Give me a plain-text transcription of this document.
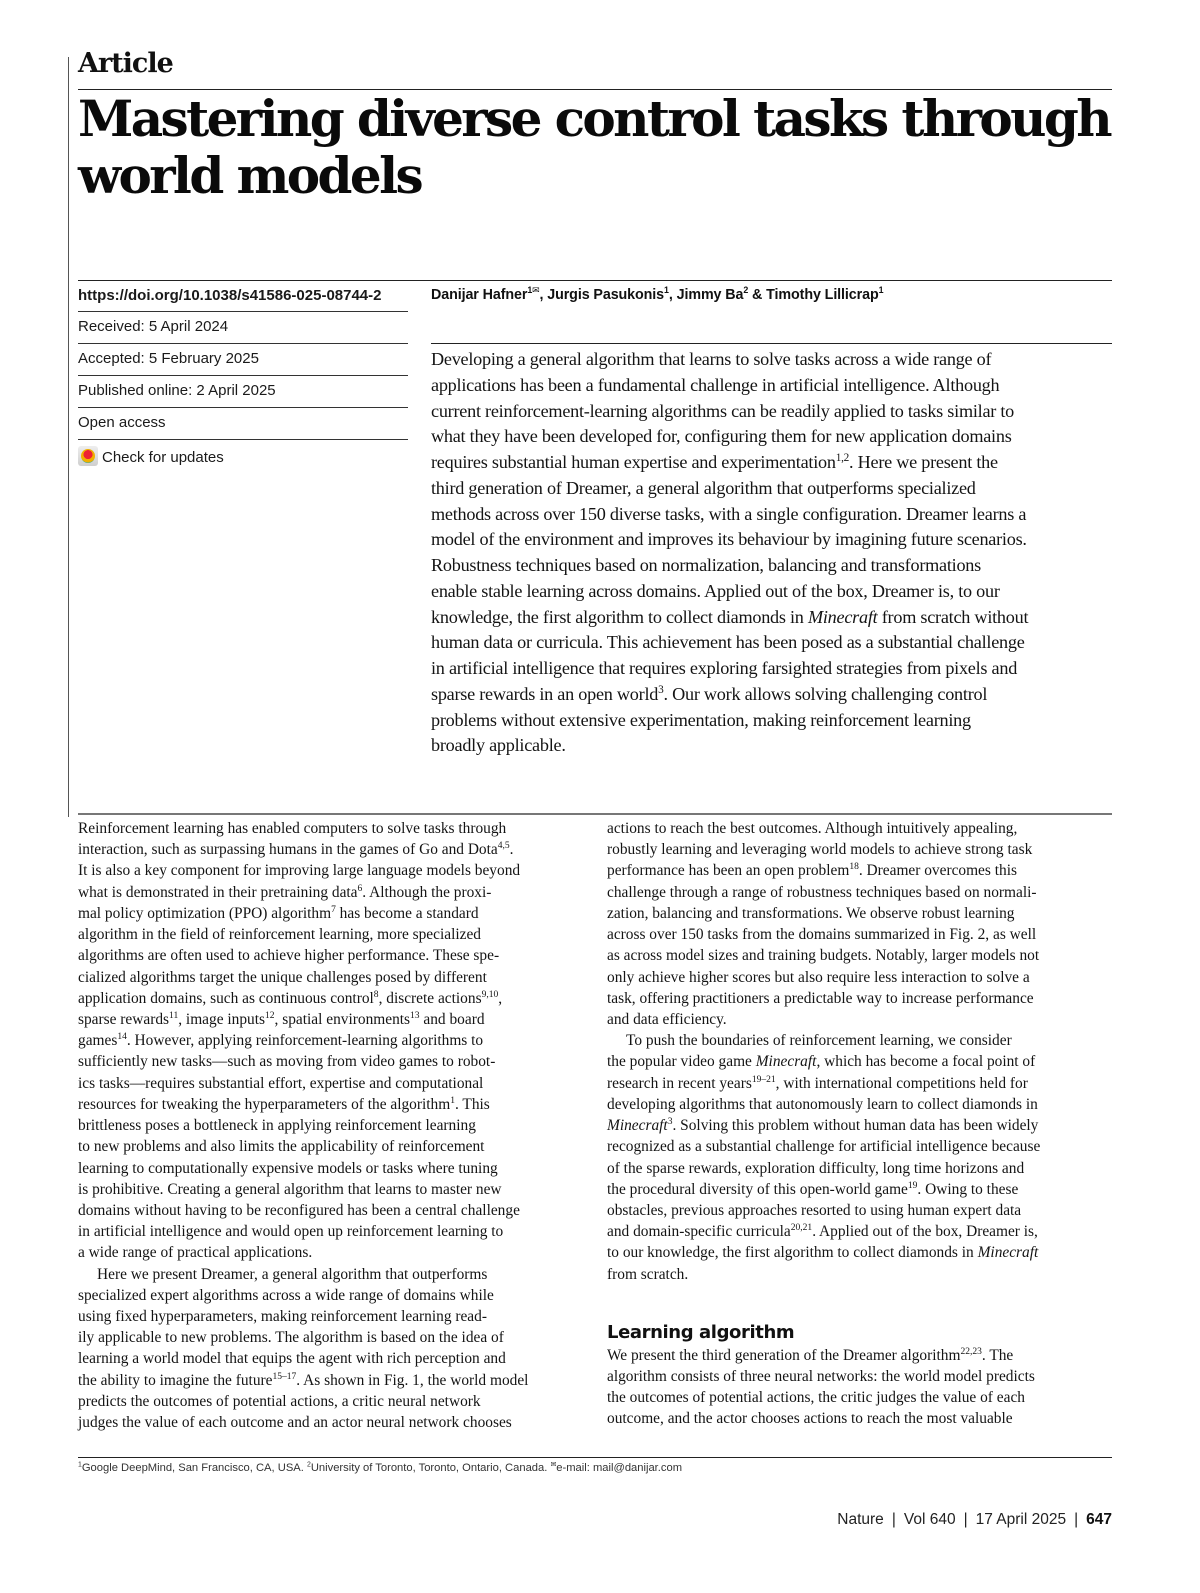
Article
Mastering diverse control tasks through
world models
https://doi.org/10.1038/s41586-025-08744-2
Received: 5 April 2024
Accepted: 5 February 2025
Published online: 2 April 2025
Open access
Check for updates
Danijar Hafner$^{1✉}$, Jurgis Pasukonis$^1$, Jimmy Ba$^2$ & Timothy Lillicrap$^1$

Developing a general algorithm that learns to solve tasks across a wide range of

applications has been a fundamental challenge in artificial intelligence. Although

current reinforcement-learning algorithms can be readily applied to tasks similar to

what they have been developed for, configuring them for new application domains

requires substantial human expertise and experimentation$^{1,2}$. Here we present the

third generation of Dreamer, a general algorithm that outperforms specialized

methods across over 150 diverse tasks, with a single configuration. Dreamer learns a

model of the environment and improves its behaviour by imagining future scenarios.

Robustness techniques based on normalization, balancing and transformations

enable stable learning across domains. Applied out of the box, Dreamer is, to our

knowledge, the first algorithm to collect diamonds in Minecraft from scratch without

human data or curricula. This achievement has been posed as a substantial challenge

in artificial intelligence that requires exploring farsighted strategies from pixels and

sparse rewards in an open world$^3$. Our work allows solving challenging control

problems without extensive experimentation, making reinforcement learning

broadly applicable.

Reinforcement learning has enabled computers to solve tasks through

interaction, such as surpassing humans in the games of Go and Dota$^{4,5}$.

It is also a key component for improving large language models beyond

what is demonstrated in their pretraining data$^6$. Although the proxi-

mal policy optimization (PPO) algorithm$^7$ has become a standard

algorithm in the field of reinforcement learning, more specialized

algorithms are often used to achieve higher performance. These spe-

cialized algorithms target the unique challenges posed by different

application domains, such as continuous control$^8$, discrete actions$^{9,10}$,

sparse rewards$^{11}$, image inputs$^{12}$, spatial environments$^{13}$ and board

games$^{14}$. However, applying reinforcement-learning algorithms to

sufficiently new tasks—such as moving from video games to robot-

ics tasks—requires substantial effort, expertise and computational

resources for tweaking the hyperparameters of the algorithm$^1$. This

brittleness poses a bottleneck in applying reinforcement learning

to new problems and also limits the applicability of reinforcement

learning to computationally expensive models or tasks where tuning

is prohibitive. Creating a general algorithm that learns to master new

domains without having to be reconfigured has been a central challenge

in artificial intelligence and would open up reinforcement learning to

a wide range of practical applications.

Here we present Dreamer, a general algorithm that outperforms

specialized expert algorithms across a wide range of domains while

using fixed hyperparameters, making reinforcement learning read-

ily applicable to new problems. The algorithm is based on the idea of

learning a world model that equips the agent with rich perception and

the ability to imagine the future$^{15-17}$. As shown in Fig. 1, the world model

predicts the outcomes of potential actions, a critic neural network

judges the value of each outcome and an actor neural network chooses

actions to reach the best outcomes. Although intuitively appealing,

robustly learning and leveraging world models to achieve strong task

performance has been an open problem$^{18}$. Dreamer overcomes this

challenge through a range of robustness techniques based on normali-

zation, balancing and transformations. We observe robust learning

across over 150 tasks from the domains summarized in Fig. 2, as well

as across model sizes and training budgets. Notably, larger models not

only achieve higher scores but also require less interaction to solve a

task, offering practitioners a predictable way to increase performance

and data efficiency.

To push the boundaries of reinforcement learning, we consider

the popular video game Minecraft, which has become a focal point of

research in recent years$^{19-21}$, with international competitions held for

developing algorithms that autonomously learn to collect diamonds in

Minecraft$^3$. Solving this problem without human data has been widely

recognized as a substantial challenge for artificial intelligence because

of the sparse rewards, exploration difficulty, long time horizons and

the procedural diversity of this open-world game$^{19}$. Owing to these

obstacles, previous approaches resorted to using human expert data

and domain-specific curricula$^{20,21}$. Applied out of the box, Dreamer is,

to our knowledge, the first algorithm to collect diamonds in Minecraft

from scratch.

Learning algorithm

We present the third generation of the Dreamer algorithm$^{22,23}$. The

algorithm consists of three neural networks: the world model predicts

the outcomes of potential actions, the critic judges the value of each

outcome, and the actor chooses actions to reach the most valuable

$^1$Google DeepMind, San Francisco, CA, USA. $^2$University of Toronto, Toronto, Ontario, Canada. ✉e-mail: mail@danijar.com
Nature | Vol 640 | 17 April 2025 | 647
